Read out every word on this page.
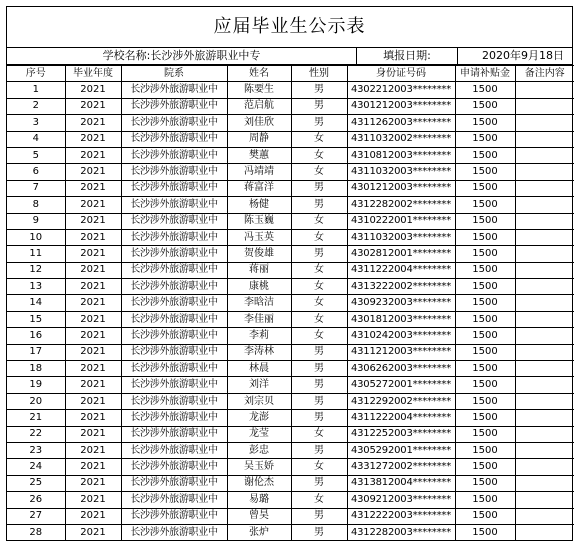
应届毕业生公示表
学校名称:长沙涉外旅游职业中专	填报日期:	2020年9月18日
序号	毕业年度	院系	姓名	性别	身份证号码	申请补贴金	备注内容
1	2021	长沙涉外旅游职业中	陈要生	男	4302212003********	1500	
2	2021	长沙涉外旅游职业中	范启航	男	4301212003********	1500	
3	2021	长沙涉外旅游职业中	刘佳欣	男	4311262003********	1500	
4	2021	长沙涉外旅游职业中	周静	女	4311032002********	1500	
5	2021	长沙涉外旅游职业中	樊蕙	女	4310812003********	1500	
6	2021	长沙涉外旅游职业中	冯靖靖	女	4311032003********	1500	
7	2021	长沙涉外旅游职业中	蒋富洋	男	4301212003********	1500	
8	2021	长沙涉外旅游职业中	杨健	男	4312282002********	1500	
9	2021	长沙涉外旅游职业中	陈玉巍	女	4310222001********	1500	
10	2021	长沙涉外旅游职业中	冯玉英	女	4311032003********	1500	
11	2021	长沙涉外旅游职业中	贺俊雄	男	4302812001********	1500	
12	2021	长沙涉外旅游职业中	蒋丽	女	4311222004********	1500	
13	2021	长沙涉外旅游职业中	康桃	女	4313222002********	1500	
14	2021	长沙涉外旅游职业中	李晗洁	女	4309232003********	1500	
15	2021	长沙涉外旅游职业中	李佳丽	女	4301812003********	1500	
16	2021	长沙涉外旅游职业中	李莉	女	4310242003********	1500	
17	2021	长沙涉外旅游职业中	李涛林	男	4311212003********	1500	
18	2021	长沙涉外旅游职业中	林晨	男	4306262003********	1500	
19	2021	长沙涉外旅游职业中	刘洋	男	4305272001********	1500	
20	2021	长沙涉外旅游职业中	刘宗贝	男	4312292002********	1500	
21	2021	长沙涉外旅游职业中	龙澎	男	4311222004********	1500	
22	2021	长沙涉外旅游职业中	龙莹	女	4312252003********	1500	
23	2021	长沙涉外旅游职业中	彭忠	男	4305292001********	1500	
24	2021	长沙涉外旅游职业中	吴玉娇	女	4331272002********	1500	
25	2021	长沙涉外旅游职业中	谢伦杰	男	4313812004********	1500	
26	2021	长沙涉外旅游职业中	易璐	女	4309212003********	1500	
27	2021	长沙涉外旅游职业中	曾昊	男	4312222003********	1500	
28	2021	长沙涉外旅游职业中	张炉	男	4312282003********	1500	
